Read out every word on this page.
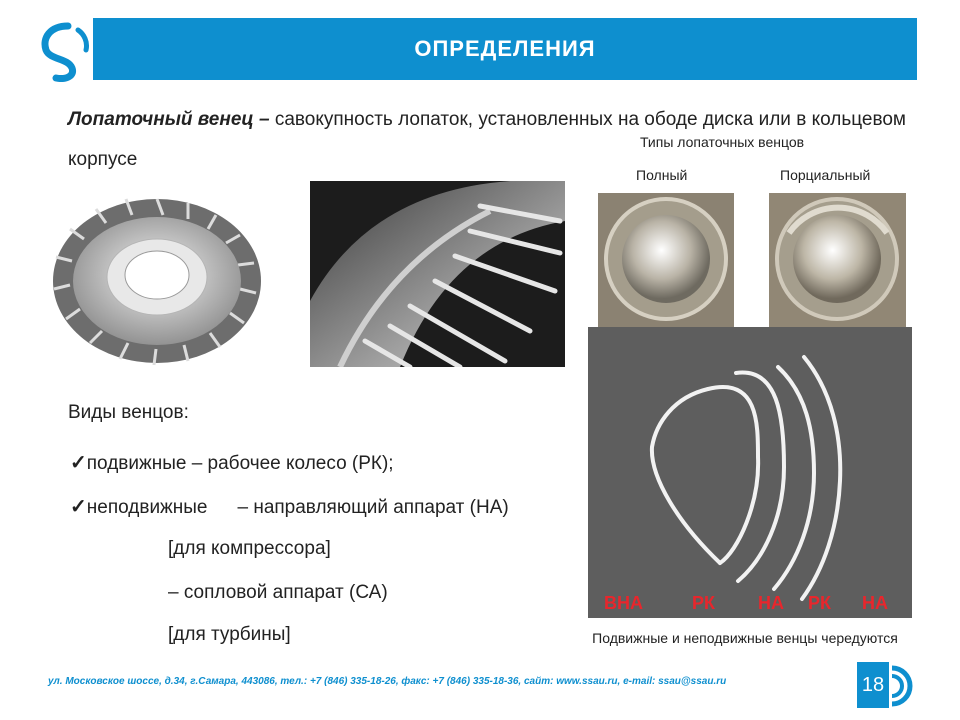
ОПРЕДЕЛЕНИЯ
Лопаточный венец – савокупность лопаток, установленных на ободе диска или в кольцевом корпусе
Типы лопаточных венцов
Полный	Порциальный
ВНА	РК НА РК НА
Виды венцов:
✓подвижные – рабочее колесо (РК);
✓неподвижные – направляющий аппарат (НА)
[для компрессора]
– сопловой аппарат (СА)
[для турбины]	Подвижные и неподвижные венцы чередуются
ул. Московское шоссе, д.34, г.Самара, 443086, тел.: +7 (846) 335-18-26, факс: +7 (846) 335-18-36, сайт: www.ssau.ru, e-mail: ssau@ssau.ru	18
